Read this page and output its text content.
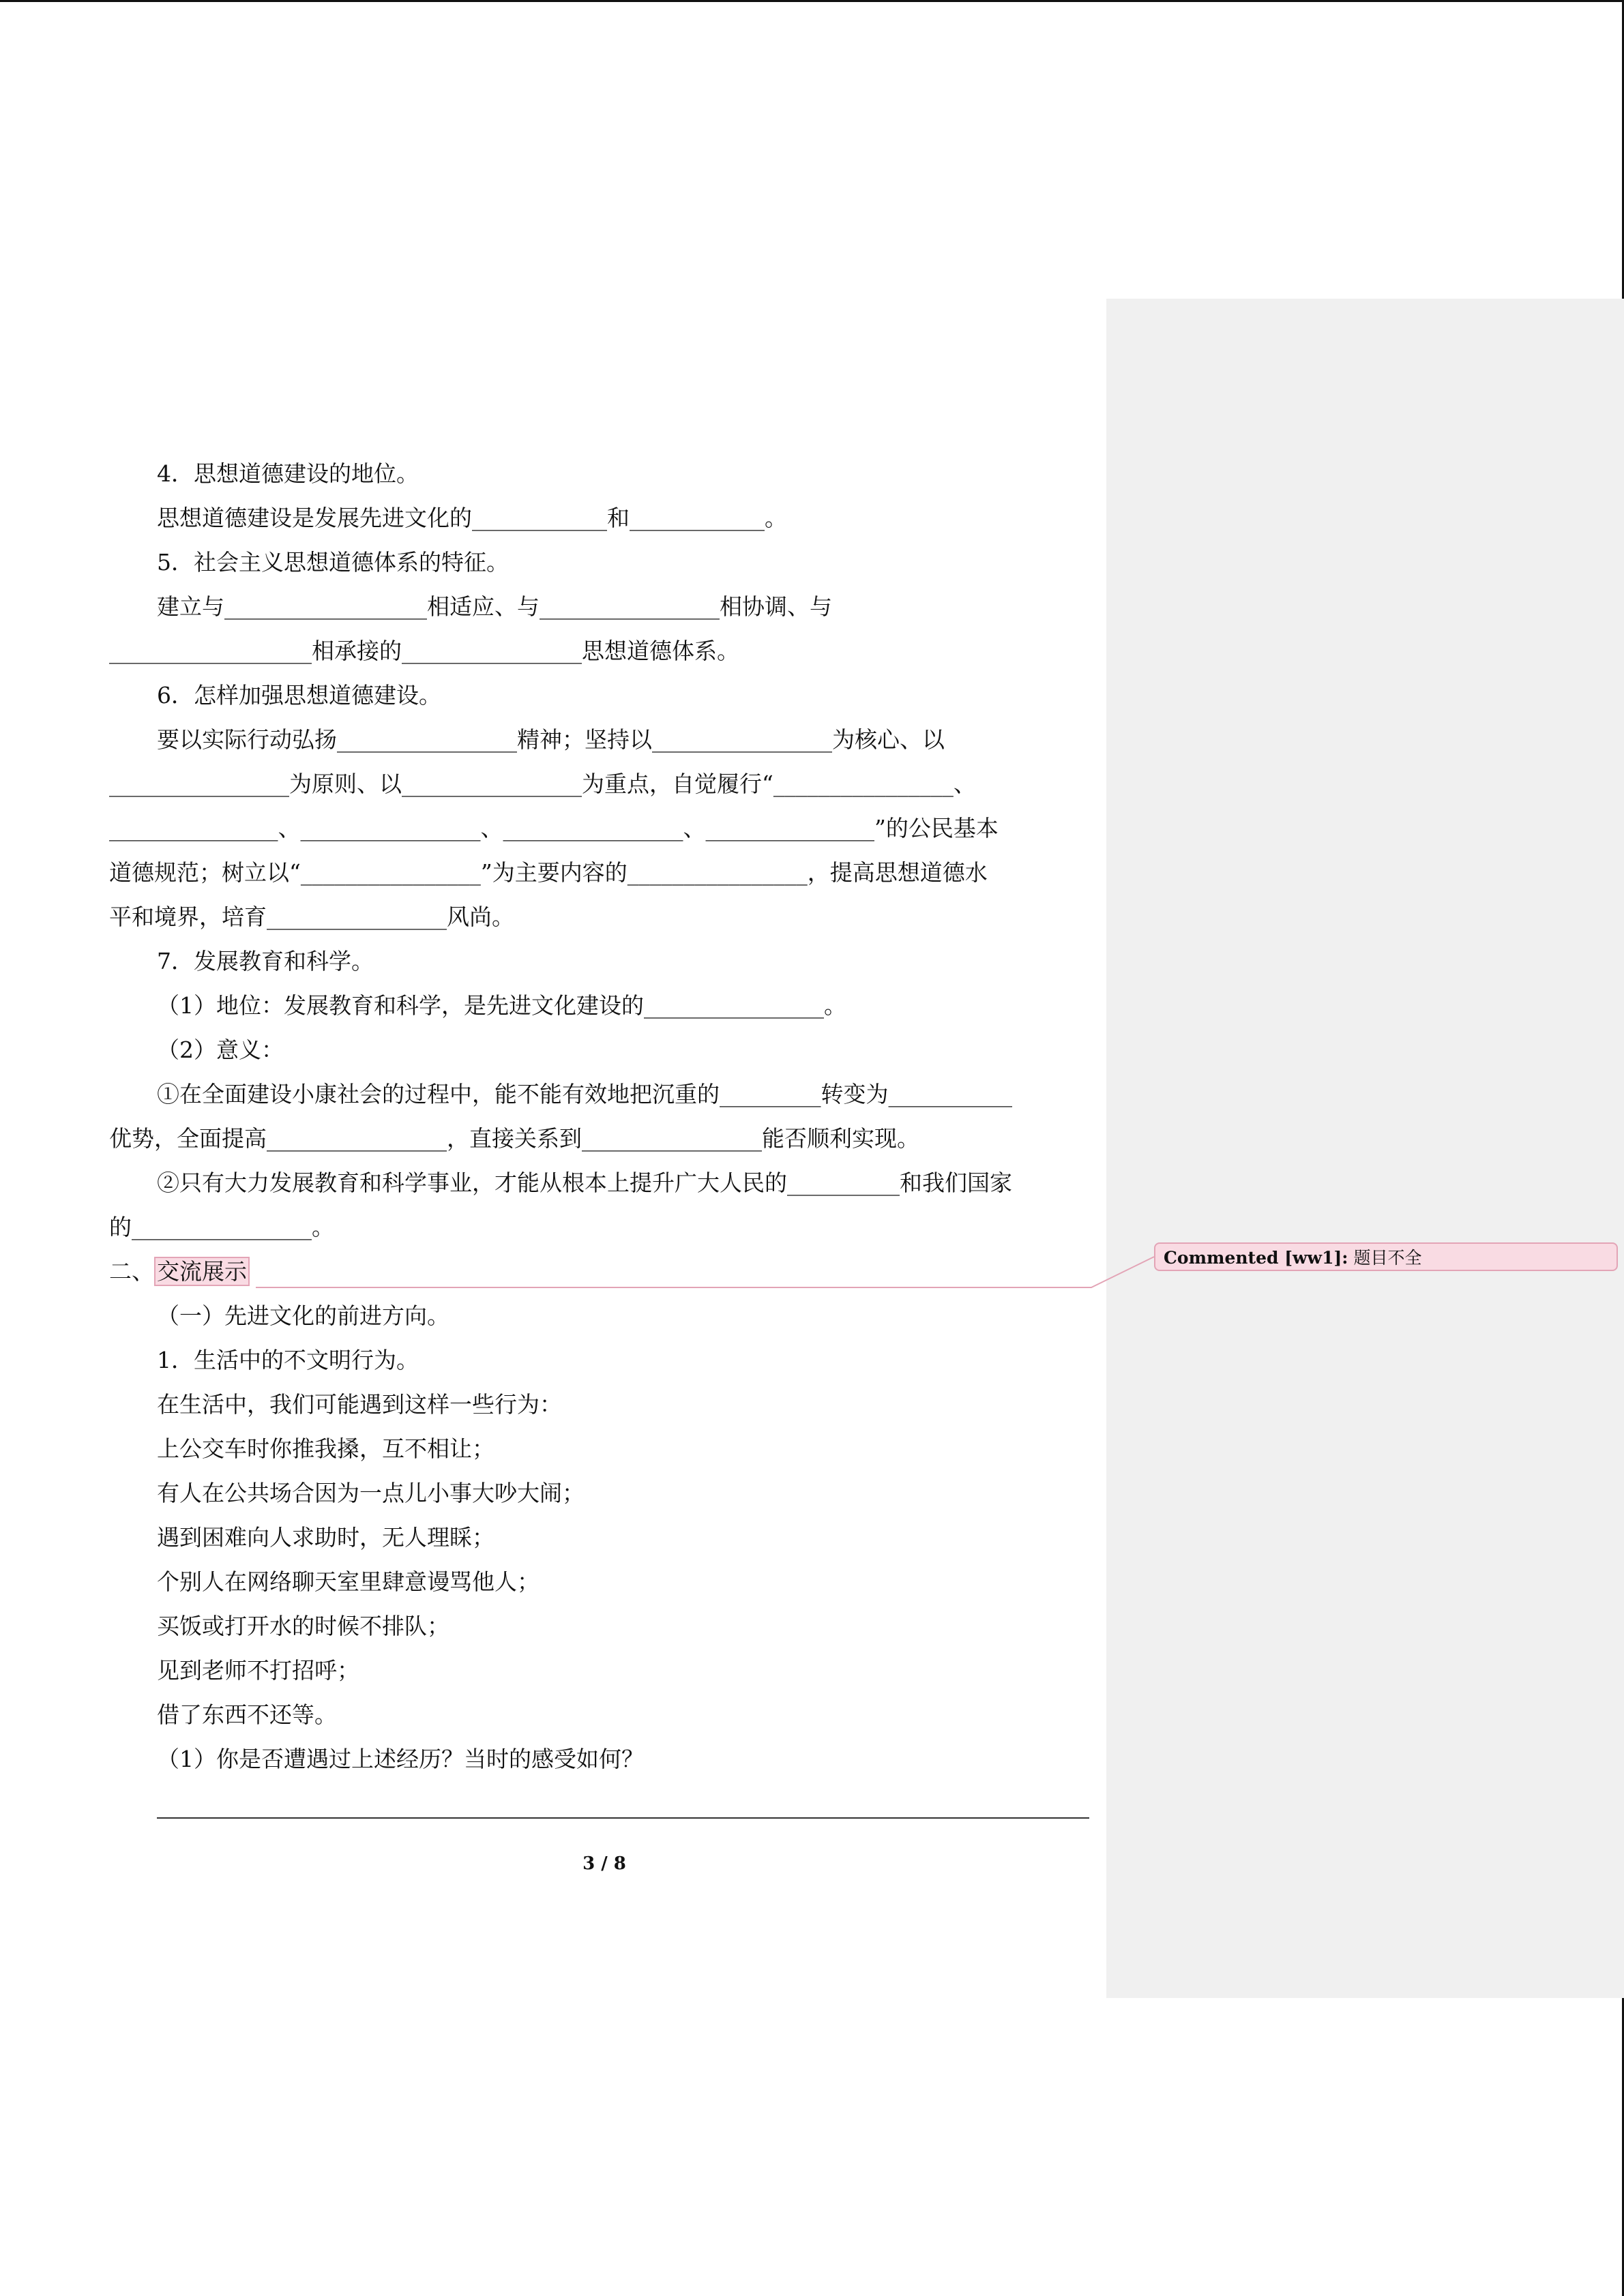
4．思想道德建设的地位。
思想道德建设是发展先进文化的____________和____________。
5．社会主义思想道德体系的特征。
建立与__________________相适应、与________________相协调、与
__________________相承接的________________思想道德体系。
6．怎样加强思想道德建设。
要以实际行动弘扬________________精神；坚持以________________为核心、以
________________为原则、以________________为重点，自觉履行“________________、
_______________、________________、________________、_______________”的公民基本
道德规范；树立以“________________”为主要内容的________________，提高思想道德水
平和境界，培育________________风尚。
7．发展教育和科学。
（1）地位：发展教育和科学，是先进文化建设的________________。
（2）意义：
①在全面建设小康社会的过程中，能不能有效地把沉重的_________转变为___________
优势，全面提高________________，直接关系到________________能否顺利实现。
②只有大力发展教育和科学事业，才能从根本上提升广大人民的__________和我们国家
的________________。
二、 交流展示
（一）先进文化的前进方向。
1．生活中的不文明行为。
在生活中，我们可能遇到这样一些行为：
上公交车时你推我搡，互不相让；
有人在公共场合因为一点儿小事大吵大闹；
遇到困难向人求助时，无人理睬；
个别人在网络聊天室里肆意谩骂他人；
买饭或打开水的时候不排队；
见到老师不打招呼；
借了东西不还等。
（1）你是否遭遇过上述经历？当时的感受如何？
3 / 8
Commented [ww1]: 题目不全
